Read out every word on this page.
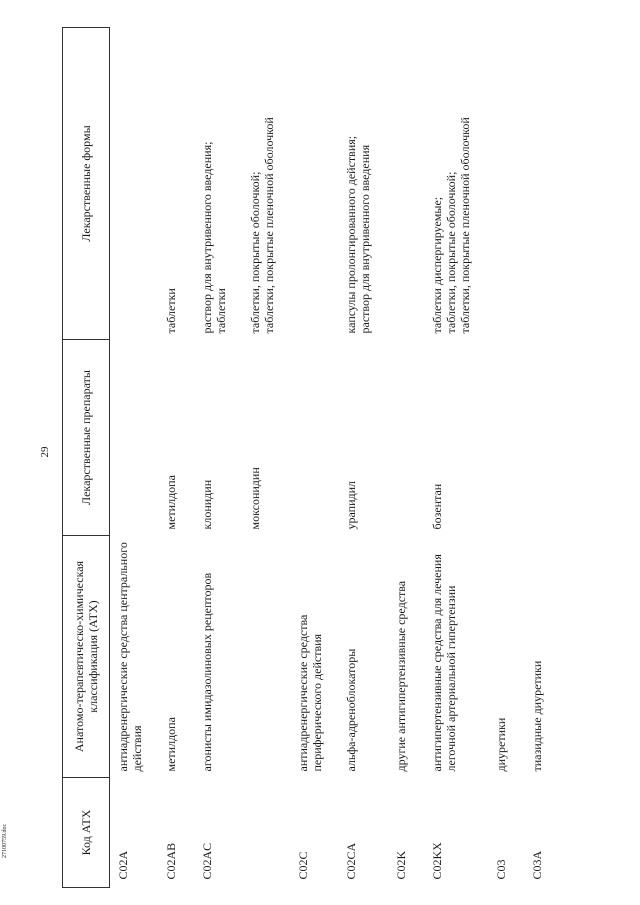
29
27100759.doc	Код АТХ	Анатомо-терапевтическо-химическая классификация (АТХ)	Лекарственные препараты	Лекарственные формы
C02A	антиадренергические средства центрального действия		
C02AB	метилдопа	метилдопа	таблетки
C02AC	агонисты имидазолиновых рецепторов	клонидин	раствор для внутривенного введения;
таблетки
		моксонидин	таблетки, покрытые оболочкой;
таблетки, покрытые пленочной оболочкой
C02C	антиадренергические средства периферического действия		
C02CA	альфа-адреноблокаторы	урапидил	капсулы пролонгированного действия;
раствор для внутривенного введения
C02K	другие антигипертензивные средства		
C02KX	антигипертензивные средства для лечения легочной артериальной гипертензии	бозентан	таблетки диспергируемые;
таблетки, покрытые оболочкой;
таблетки, покрытые пленочной оболочкой
C03	диуретики		
C03A	тиазидные диуретики		
